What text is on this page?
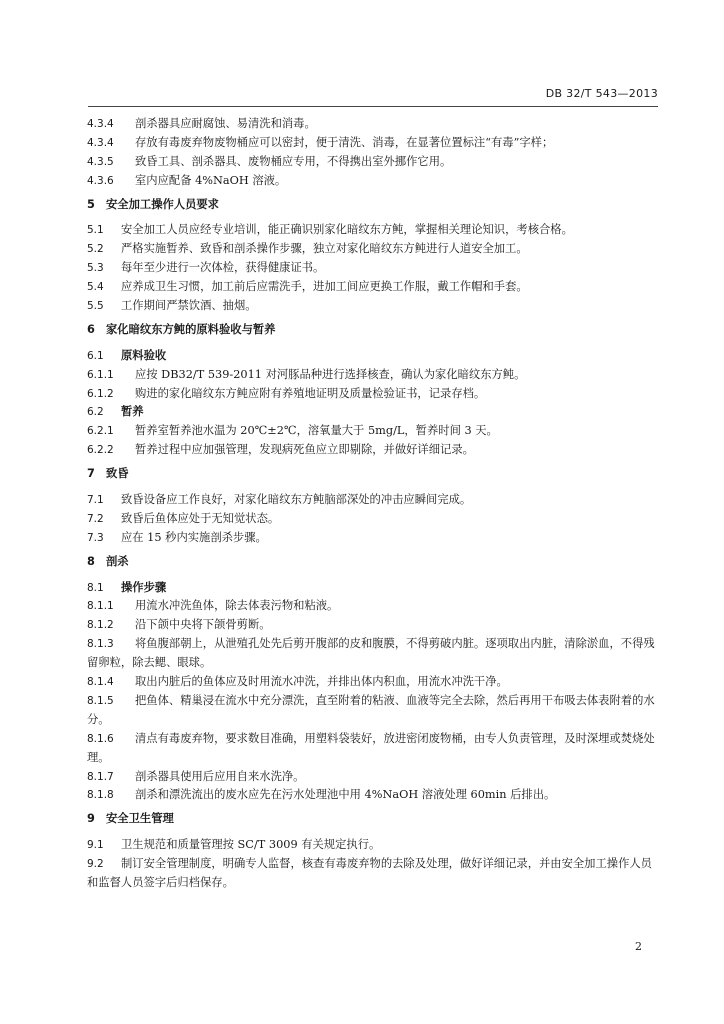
DB 32/T 543—2013
4.3.4 剖杀器具应耐腐蚀、易清洗和消毒。
4.3.4 存放有毒废弃物废物桶应可以密封，便于清洗、消毒，在显著位置标注“有毒”字样；
4.3.5 致昏工具、剖杀器具、废物桶应专用，不得携出室外挪作它用。
4.3.6 室内应配备 4%NaOH 溶液。
5 安全加工操作人员要求
5.1 安全加工人员应经专业培训，能正确识别家化暗纹东方鲀，掌握相关理论知识，考核合格。
5.2 严格实施暂养、致昏和剖杀操作步骤，独立对家化暗纹东方鲀进行人道安全加工。
5.3 每年至少进行一次体检，获得健康证书。
5.4 应养成卫生习惯，加工前后应需洗手，进加工间应更换工作服，戴工作帽和手套。
5.5 工作期间严禁饮酒、抽烟。
6 家化暗纹东方鲀的原料验收与暂养
6.1 原料验收
6.1.1 应按 DB32/T 539-2011 对河豚品种进行选择核查，确认为家化暗纹东方鲀。
6.1.2 购进的家化暗纹东方鲀应附有养殖地证明及质量检验证书，记录存档。
6.2 暂养
6.2.1 暂养室暂养池水温为 20℃±2℃，溶氧量大于 5mg/L，暂养时间 3 天。
6.2.2 暂养过程中应加强管理，发现病死鱼应立即剔除，并做好详细记录。
7 致昏
7.1 致昏设备应工作良好，对家化暗纹东方鲀脑部深处的冲击应瞬间完成。
7.2 致昏后鱼体应处于无知觉状态。
7.3 应在 15 秒内实施剖杀步骤。
8 剖杀
8.1 操作步骤
8.1.1 用流水冲洗鱼体，除去体表污物和粘液。
8.1.2 沿下颌中央将下颌骨剪断。
8.1.3 将鱼腹部朝上，从泄殖孔处先后剪开腹部的皮和腹膜，不得剪破内脏。逐项取出内脏，清除淤血，不得残留卵粒，除去鳃、眼球。
8.1.4 取出内脏后的鱼体应及时用流水冲洗，并排出体内积血，用流水冲洗干净。
8.1.5 把鱼体、精巢浸在流水中充分漂洗，直至附着的粘液、血液等完全去除，然后再用干布吸去体表附着的水分。
8.1.6 清点有毒废弃物，要求数目准确，用塑料袋装好，放进密闭废物桶，由专人负责管理，及时深埋或焚烧处理。
8.1.7 剖杀器具使用后应用自来水洗净。
8.1.8 剖杀和漂洗流出的废水应先在污水处理池中用 4%NaOH 溶液处理 60min 后排出。
9 安全卫生管理
9.1 卫生规范和质量管理按 SC/T 3009 有关规定执行。
9.2 制订安全管理制度，明确专人监督，核查有毒废弃物的去除及处理，做好详细记录，并由安全加工操作人员和监督人员签字后归档保存。
2
